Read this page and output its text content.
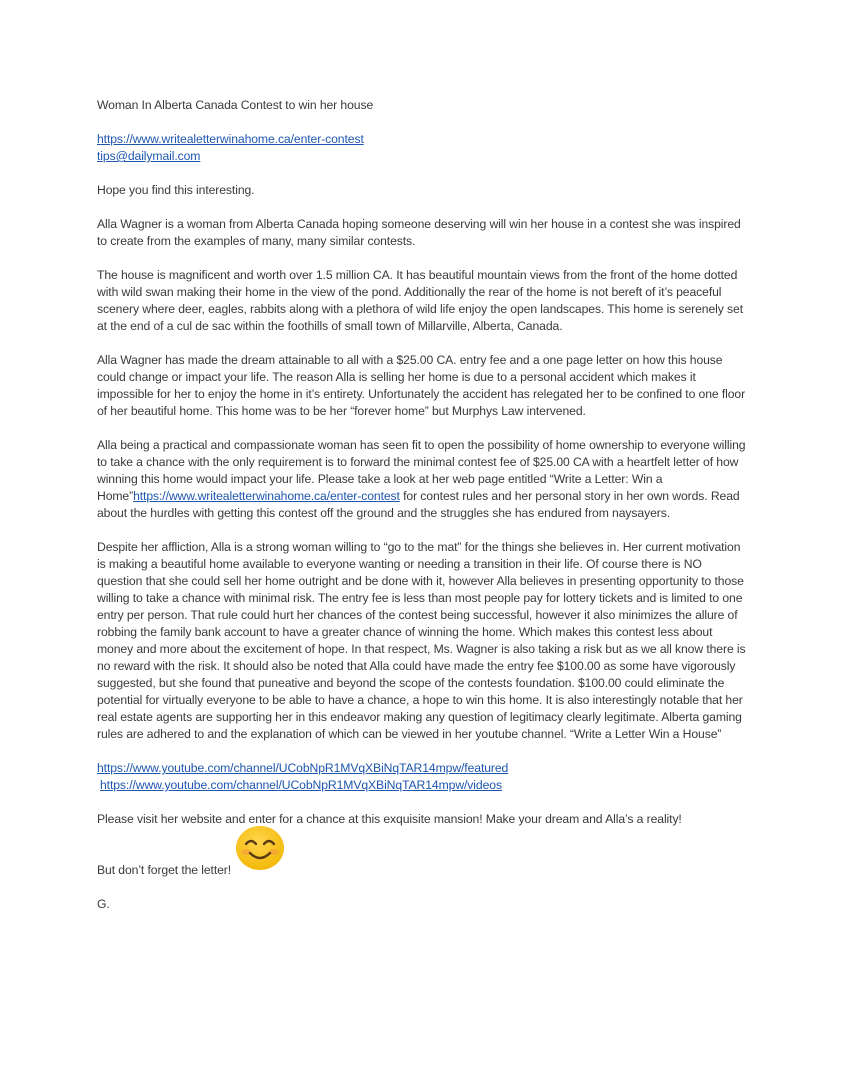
Woman In Alberta Canada Contest to win her house

https://www.writealetterwinahome.ca/enter-contest

tips@dailymail.com

Hope you find this interesting.

Alla Wagner is a woman from Alberta Canada hoping someone deserving will win her house in a contest she was inspired to create from the examples of many, many similar contests.

The house is magnificent and worth over 1.5 million CA. It has beautiful mountain views from the front of the home dotted with wild swan making their home in the view of the pond. Additionally the rear of the home is not bereft of it’s peaceful scenery where deer, eagles, rabbits along with a plethora of wild life enjoy the open landscapes. This home is serenely set at the end of a cul de sac within the foothills of small town of Millarville, Alberta, Canada.

Alla Wagner has made the dream attainable to all with a $25.00 CA. entry fee and a one page letter on how this house could change or impact your life. The reason Alla is selling her home is due to a personal accident which makes it impossible for her to enjoy the home in it’s entirety. Unfortunately the accident has relegated her to be confined to one floor of her beautiful home. This home was to be her “forever home” but Murphys Law intervened.

Alla being a practical and compassionate woman has seen fit to open the possibility of home ownership to everyone willing to take a chance with the only requirement is to forward the minimal contest fee of $25.00 CA with a heartfelt letter of how winning this home would impact your life. Please take a look at her web page entitled “Write a Letter: Win a Home”https://www.writealetterwinahome.ca/enter-contest for contest rules and her personal story in her own words. Read about the hurdles with getting this contest off the ground and the struggles she has endured from naysayers.

Despite her affliction, Alla is a strong woman willing to “go to the mat” for the things she believes in. Her current motivation is making a beautiful home available to everyone wanting or needing a transition in their life. Of course there is NO question that she could sell her home outright and be done with it, however Alla believes in presenting opportunity to those willing to take a chance with minimal risk. The entry fee is less than most people pay for lottery tickets and is limited to one entry per person. That rule could hurt her chances of the contest being successful, however it also minimizes the allure of robbing the family bank account to have a greater chance of winning the home. Which makes this contest less about money and more about the excitement of hope. In that respect, Ms. Wagner is also taking a risk but as we all know there is no reward with the risk. It should also be noted that Alla could have made the entry fee $100.00 as some have vigorously suggested, but she found that puneative and beyond the scope of the contests foundation. $100.00 could eliminate the potential for virtually everyone to be able to have a chance, a hope to win this home. It is also interestingly notable that her real estate agents are supporting her in this endeavor making any question of legitimacy clearly legitimate. Alberta gaming rules are adhered to and the explanation of which can be viewed in her youtube channel. “Write a Letter Win a House”

https://www.youtube.com/channel/UCobNpR1MVqXBiNqTAR14mpw/featured

https://www.youtube.com/channel/UCobNpR1MVqXBiNqTAR14mpw/videos

Please visit her website and enter for a chance at this exquisite mansion! Make your dream and Alla’s a reality!

But don’t forget the letter!

G.
